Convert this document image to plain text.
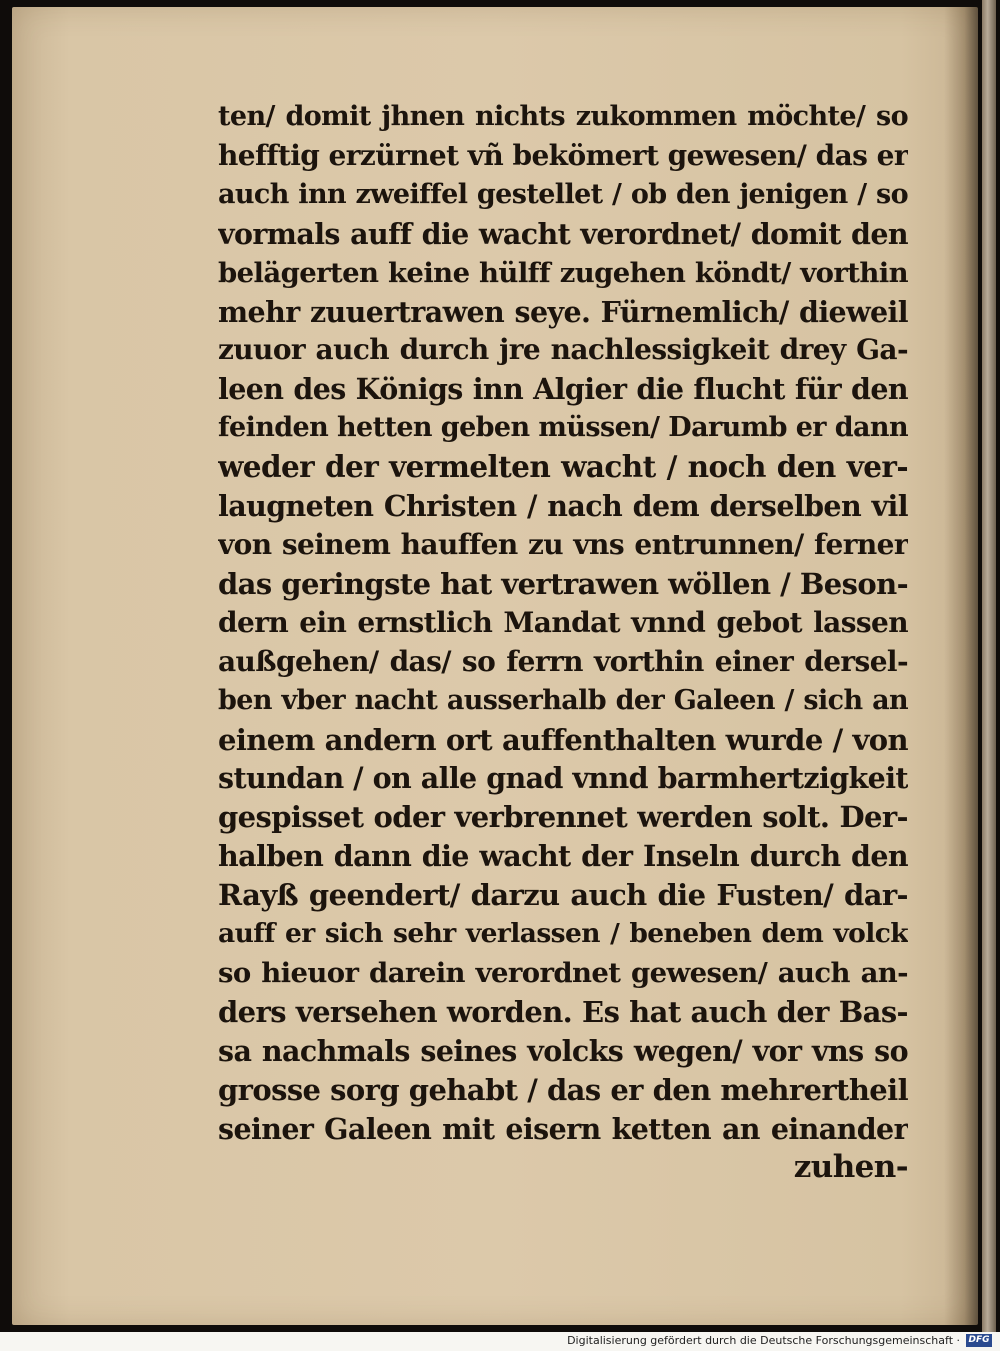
ten/ domit jhnen nichts zukommen möchte/ so
hefftig erzürnet vñ bekömert gewesen/ das er
auch inn zweiffel gestellet / ob den jenigen / so
vormals auff die wacht verordnet/ domit den
belägerten keine hülff zugehen köndt/ vorthin
mehr zuuertrawen seye. Fürnemlich/ dieweil
zuuor auch durch jre nachlessigkeit drey Ga-
leen des Königs inn Algier die flucht für den
feinden hetten geben müssen/ Darumb er dann
weder der vermelten wacht / noch den ver-
laugneten Christen / nach dem derselben vil
von seinem hauffen zu vns entrunnen/ ferner
das geringste hat vertrawen wöllen / Beson-
dern ein ernstlich Mandat vnnd gebot lassen
außgehen/ das/ so ferrn vorthin einer dersel-
ben vber nacht ausserhalb der Galeen / sich an
einem andern ort auffenthalten wurde / von
stundan / on alle gnad vnnd barmhertzigkeit
gespisset oder verbrennet werden solt. Der-
halben dann die wacht der Inseln durch den
Rayß geendert/ darzu auch die Fusten/ dar-
auff er sich sehr verlassen / beneben dem volck
so hieuor darein verordnet gewesen/ auch an-
ders versehen worden. Es hat auch der Bas-
sa nachmals seines volcks wegen/ vor vns so
grosse sorg gehabt / das er den mehrertheil
seiner Galeen mit eisern ketten an einander
zuhen-
Digitalisierung gefördert durch die Deutsche Forschungsgemeinschaft · DFG
